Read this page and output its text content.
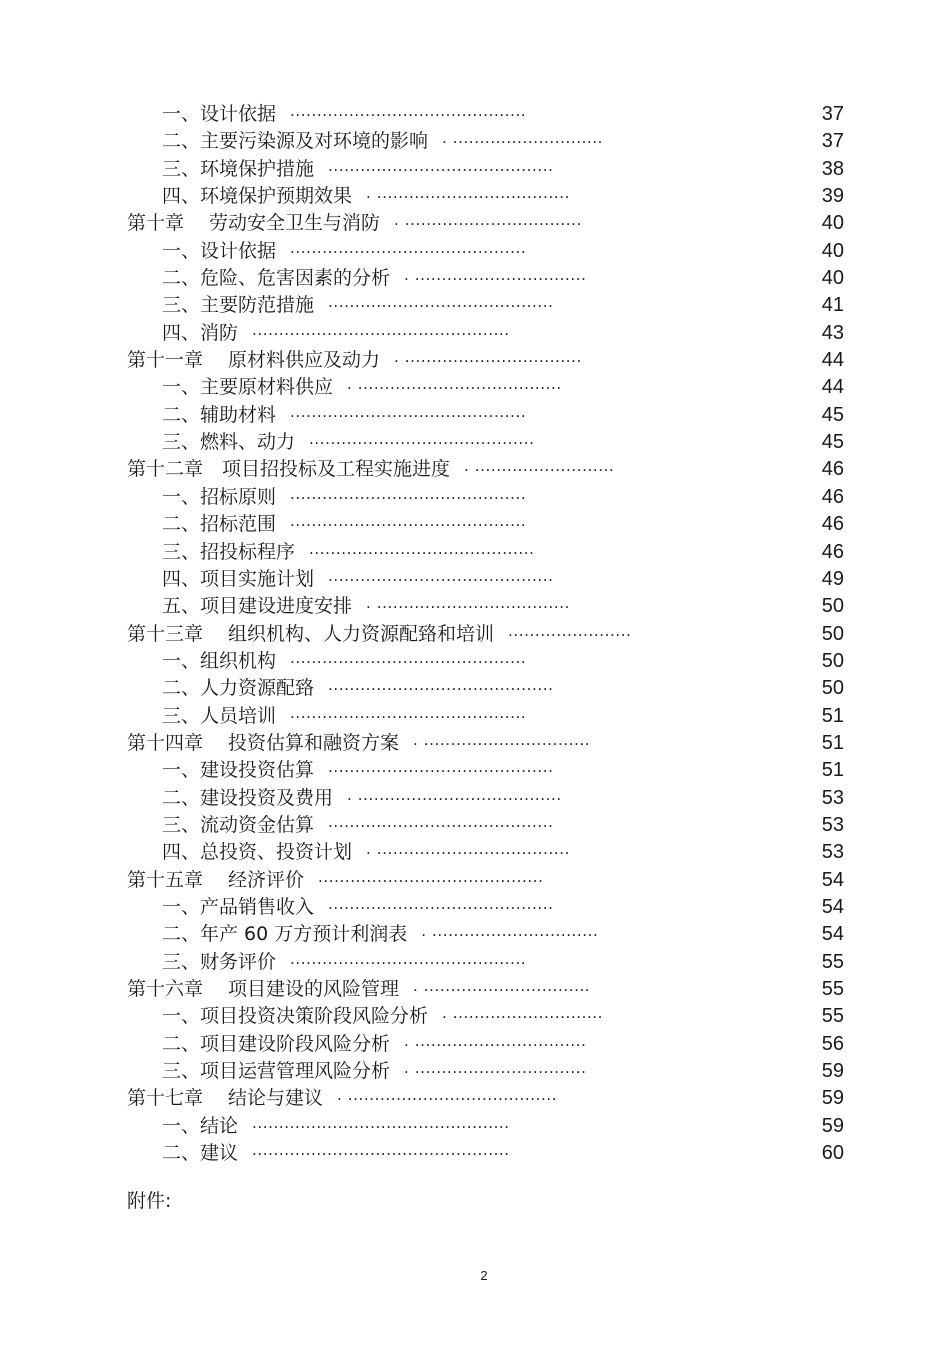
一、设计依据 ............................................	37
二、主要污染源及对环境的影响 . ............................	37
三、环境保护措施 ..........................................	38
四、环境保护预期效果 . ....................................	39
第十章　 劳动安全卫生与消防 . .................................	40
一、设计依据 ............................................	40
二、危险、危害因素的分析 . ................................	40
三、主要防范措施 ..........................................	41
四、消防 ................................................	43
第十一章　 原材料供应及动力 . .................................	44
一、主要原材料供应 . ......................................	44
二、辅助材料 ............................................	45
三、燃料、动力 ..........................................	45
第十二章　项目招投标及工程实施进度 . ..........................	46
一、招标原则 ............................................	46
二、招标范围 ............................................	46
三、招投标程序 ..........................................	46
四、项目实施计划 ..........................................	49
五、项目建设进度安排 . ....................................	50
第十三章　 组织机构、人力资源配臵和培训 .......................	50
一、组织机构 ............................................	50
二、人力资源配臵 ..........................................	50
三、人员培训 ............................................	51
第十四章　 投资估算和融资方案 . ...............................	51
一、建设投资估算 ..........................................	51
二、建设投资及费用 . ......................................	53
三、流动资金估算 ..........................................	53
四、总投资、投资计划 . ....................................	53
第十五章　 经济评价 ..........................................	54
一、产品销售收入 ..........................................	54
二、年产 60 万方预计利润表 . ...............................	54
三、财务评价 ............................................	55
第十六章　 项目建设的风险管理 . ...............................	55
一、项目投资决策阶段风险分析 . ............................	55
二、项目建设阶段风险分析 . ................................	56
三、项目运营管理风险分析 . ................................	59
第十七章　 结论与建议 . .......................................	59
一、结论 ................................................	59
二、建议 ................................................	60
附件:
2
